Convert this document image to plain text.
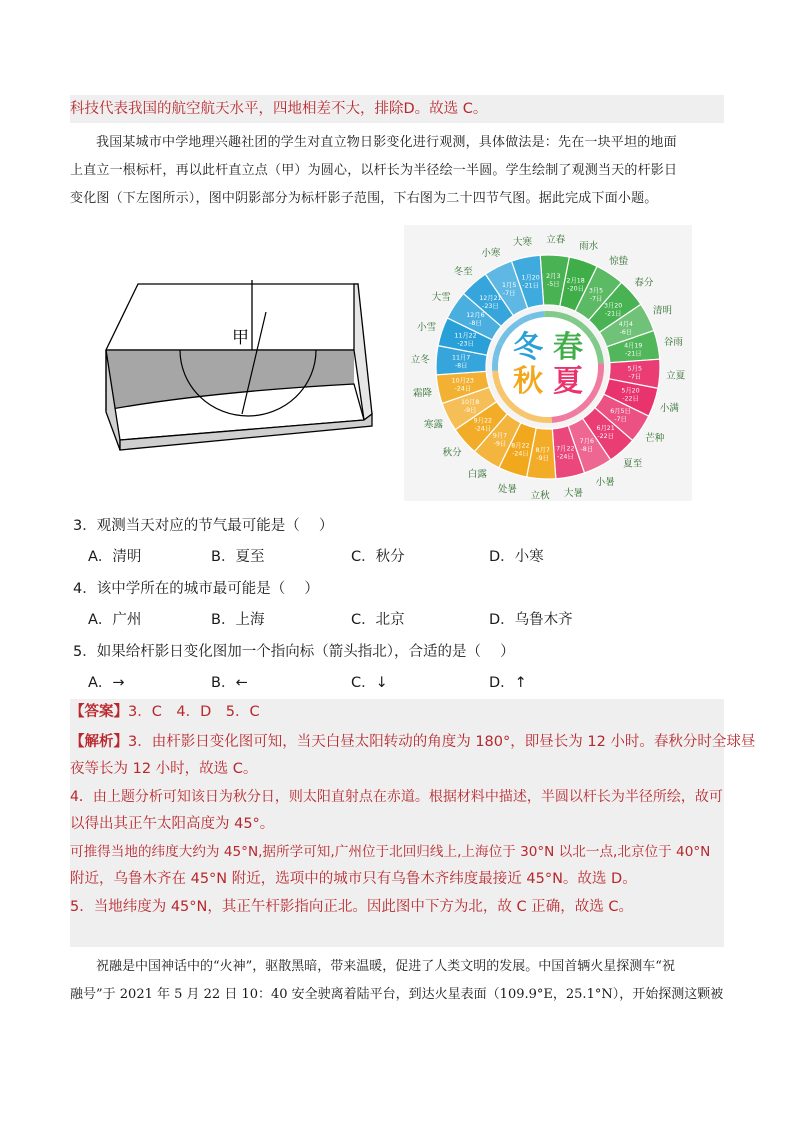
科技代表我国的航空航天水平，四地相差不大，排除D。故选 C。
我国某城市中学地理兴趣社团的学生对直立物日影变化进行观测，具体做法是：先在一块平坦的地面
上直立一根标杆，再以此杆直立点（甲）为圆心，以杆长为半径绘一半圆。学生绘制了观测当天的杆影日
变化图（下左图所示），图中阴影部分为标杆影子范围，下右图为二十四节气图。据此完成下面小题。
甲
2月3
-5日
立春
2月18
-20日
雨水
3月5
-7日
惊蛰
3月20
-21日
春分
4月4
-6日
清明
4月19
-21日
谷雨
5月5
-7日	立夏
5月20
-22日
小满
6月5日
-7日
芒种
6月21
-22日
夏至
7月6
-8日
小暑
7月22
-24日
大暑
8月7
-9日
立秋
8月22
-24日
处暑
9月7
-9日
白露
9月22
-24日
秋分
10月8
-9日
寒露
10月23
-24日
霜降
11月7
-8日
立冬
11月22
-23日
小雪
12月6
-8日
大雪	12月21
-23日
冬至
1月5
-7日
小寒
1月20
-21日
大寒
冬 春
秋 夏
3．观测当天对应的节气最可能是（　 ）
A．清明	B．夏至	C．秋分	D．小寒
4．该中学所在的城市最可能是（　 ）
A．广州	B．上海	C．北京	D．乌鲁木齐
5．如果给杆影日变化图加一个指向标（箭头指北），合适的是（　 ）
A．→	B．←	C．↓	D．↑
【答案】3．C　4．D　5．C
【解析】3．由杆影日变化图可知，当天白昼太阳转动的角度为 180°，即昼长为 12 小时。春秋分时全球昼
夜等长为 12 小时，故选 C。
4．由上题分析可知该日为秋分日，则太阳直射点在赤道。根据材料中描述，半圆以杆长为半径所绘，故可
以得出其正午太阳高度为 45°。
可推得当地的纬度大约为 45°N,据所学可知,广州位于北回归线上,上海位于 30°N 以北一点,北京位于 40°N
附近，乌鲁木齐在 45°N 附近，选项中的城市只有乌鲁木齐纬度最接近 45°N。故选 D。
5．当地纬度为 45°N，其正午杆影指向正北。因此图中下方为北，故 C 正确，故选 C。
祝融是中国神话中的“火神”，驱散黑暗，带来温暖，促进了人类文明的发展。中国首辆火星探测车“祝
融号”于 2021 年 5 月 22 日 10：40 安全驶离着陆平台，到达火星表面（109.9°E，25.1°N），开始探测这颗被
